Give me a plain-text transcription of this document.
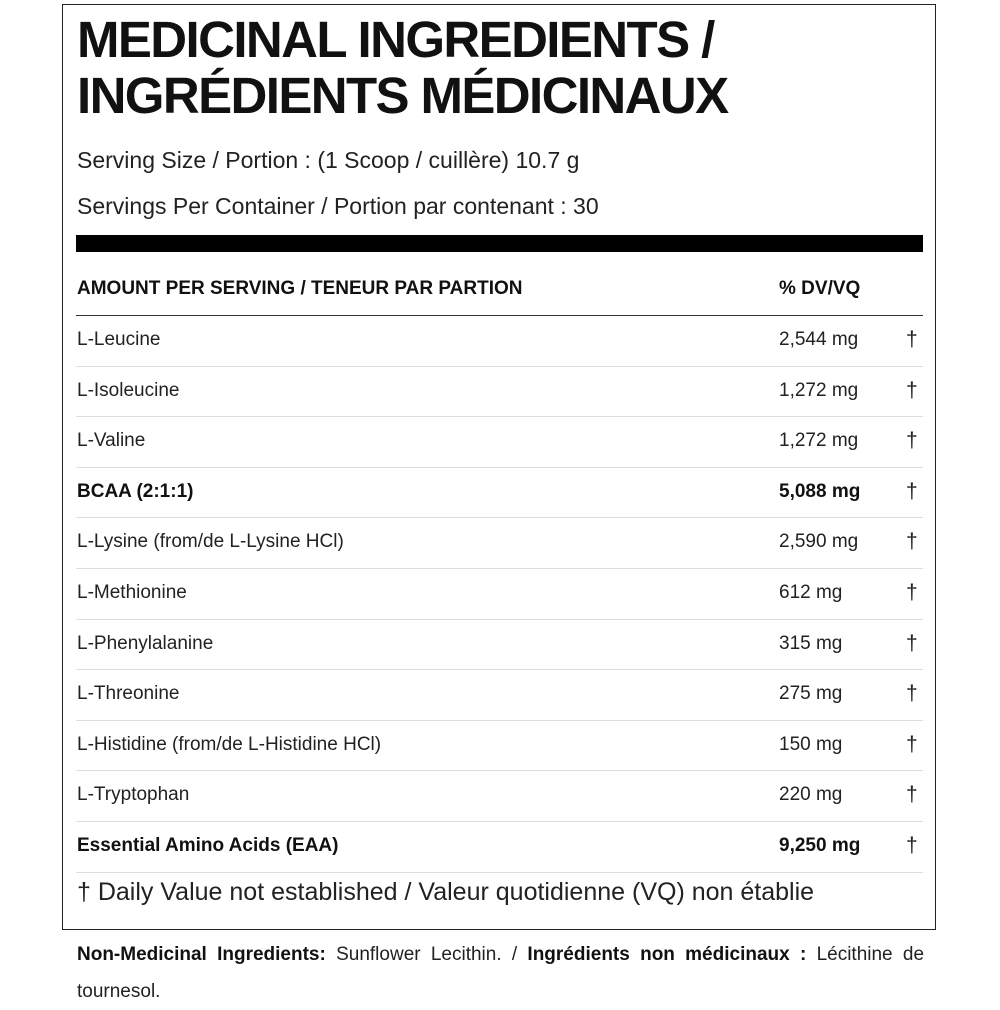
MEDICINAL INGREDIENTS /
INGRÉDIENTS MÉDICINAUX
Serving Size / Portion : (1 Scoop / cuillère) 10.7 g
Servings Per Container / Portion par contenant : 30
AMOUNT PER SERVING / TENEUR PAR PARTION	% DV/VQ
L-Leucine	2,544 mg †
L-Isoleucine	1,272 mg †
L-Valine	1,272 mg †
BCAA (2:1:1)	5,088 mg †
L-Lysine (from/de L-Lysine HCl)	2,590 mg †
L-Methionine	612 mg	†
L-Phenylalanine	315 mg	†
L-Threonine	275 mg	†
L-Histidine (from/de L-Histidine HCl)	150 mg	†
L-Tryptophan	220 mg	†
Essential Amino Acids (EAA)	9,250 mg †
† Daily Value not established / Valeur quotidienne (VQ) non établie
Non-Medicinal Ingredients: Sunflower Lecithin. / Ingrédients non médicinaux : Lécithine de tournesol.
